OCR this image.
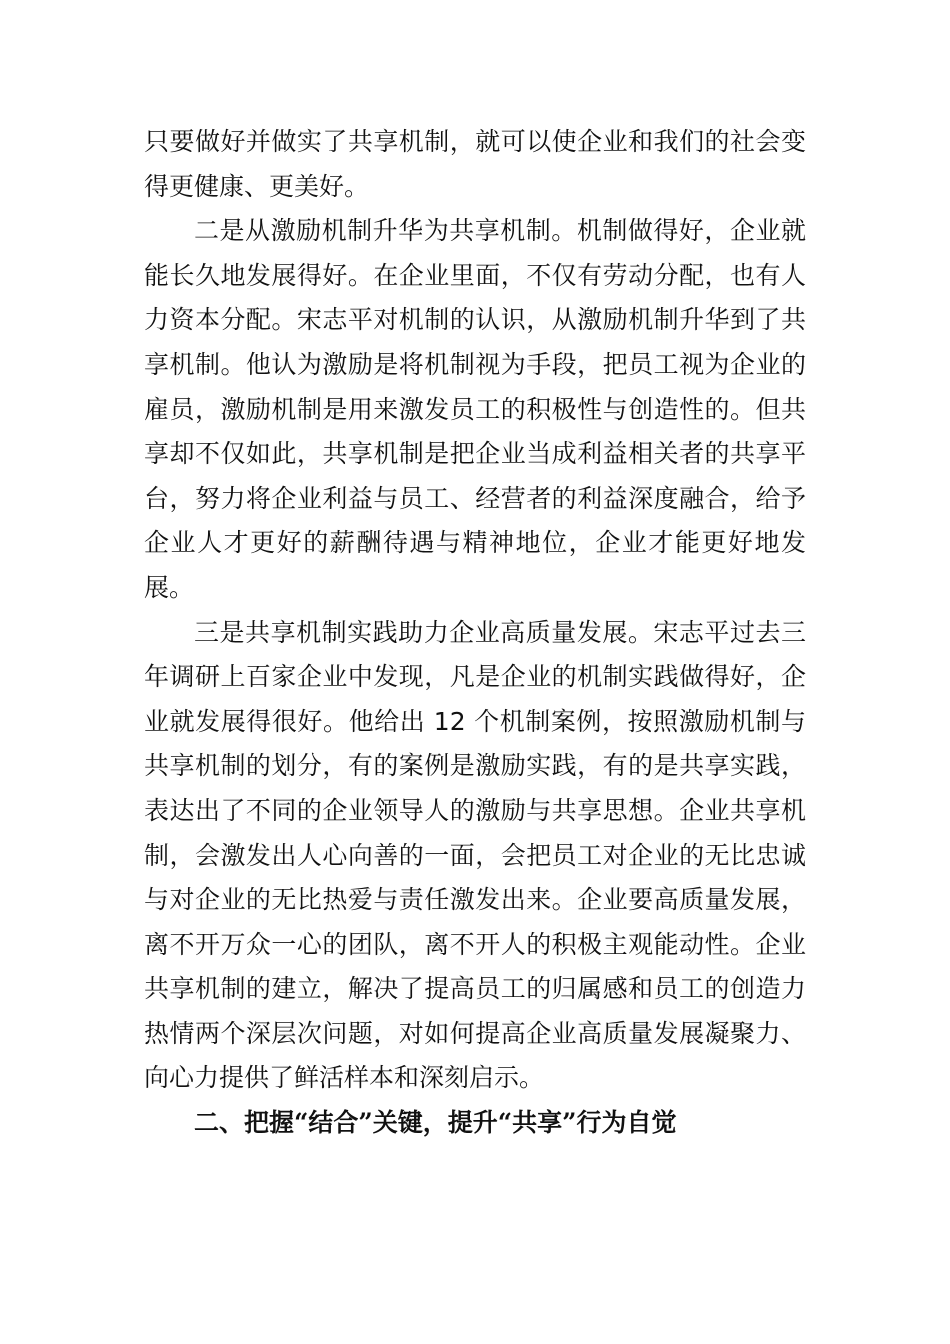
只要做好并做实了共享机制，就可以使企业和我们的社会变得更健康、更美好。

二是从激励机制升华为共享机制。机制做得好，企业就能长久地发展得好。在企业里面，不仅有劳动分配，也有人力资本分配。宋志平对机制的认识，从激励机制升华到了共享机制。他认为激励是将机制视为手段，把员工视为企业的雇员，激励机制是用来激发员工的积极性与创造性的。但共享却不仅如此，共享机制是把企业当成利益相关者的共享平台，努力将企业利益与员工、经营者的利益深度融合，给予企业人才更好的薪酬待遇与精神地位，企业才能更好地发展。

三是共享机制实践助力企业高质量发展。宋志平过去三年调研上百家企业中发现，凡是企业的机制实践做得好，企业就发展得很好。他给出 12 个机制案例，按照激励机制与共享机制的划分，有的案例是激励实践，有的是共享实践，表达出了不同的企业领导人的激励与共享思想。企业共享机制，会激发出人心向善的一面，会把员工对企业的无比忠诚与对企业的无比热爱与责任激发出来。企业要高质量发展，离不开万众一心的团队，离不开人的积极主观能动性。企业共享机制的建立，解决了提高员工的归属感和员工的创造力热情两个深层次问题，对如何提高企业高质量发展凝聚力、向心力提供了鲜活样本和深刻启示。

二、把握“结合”关键，提升“共享”行为自觉
